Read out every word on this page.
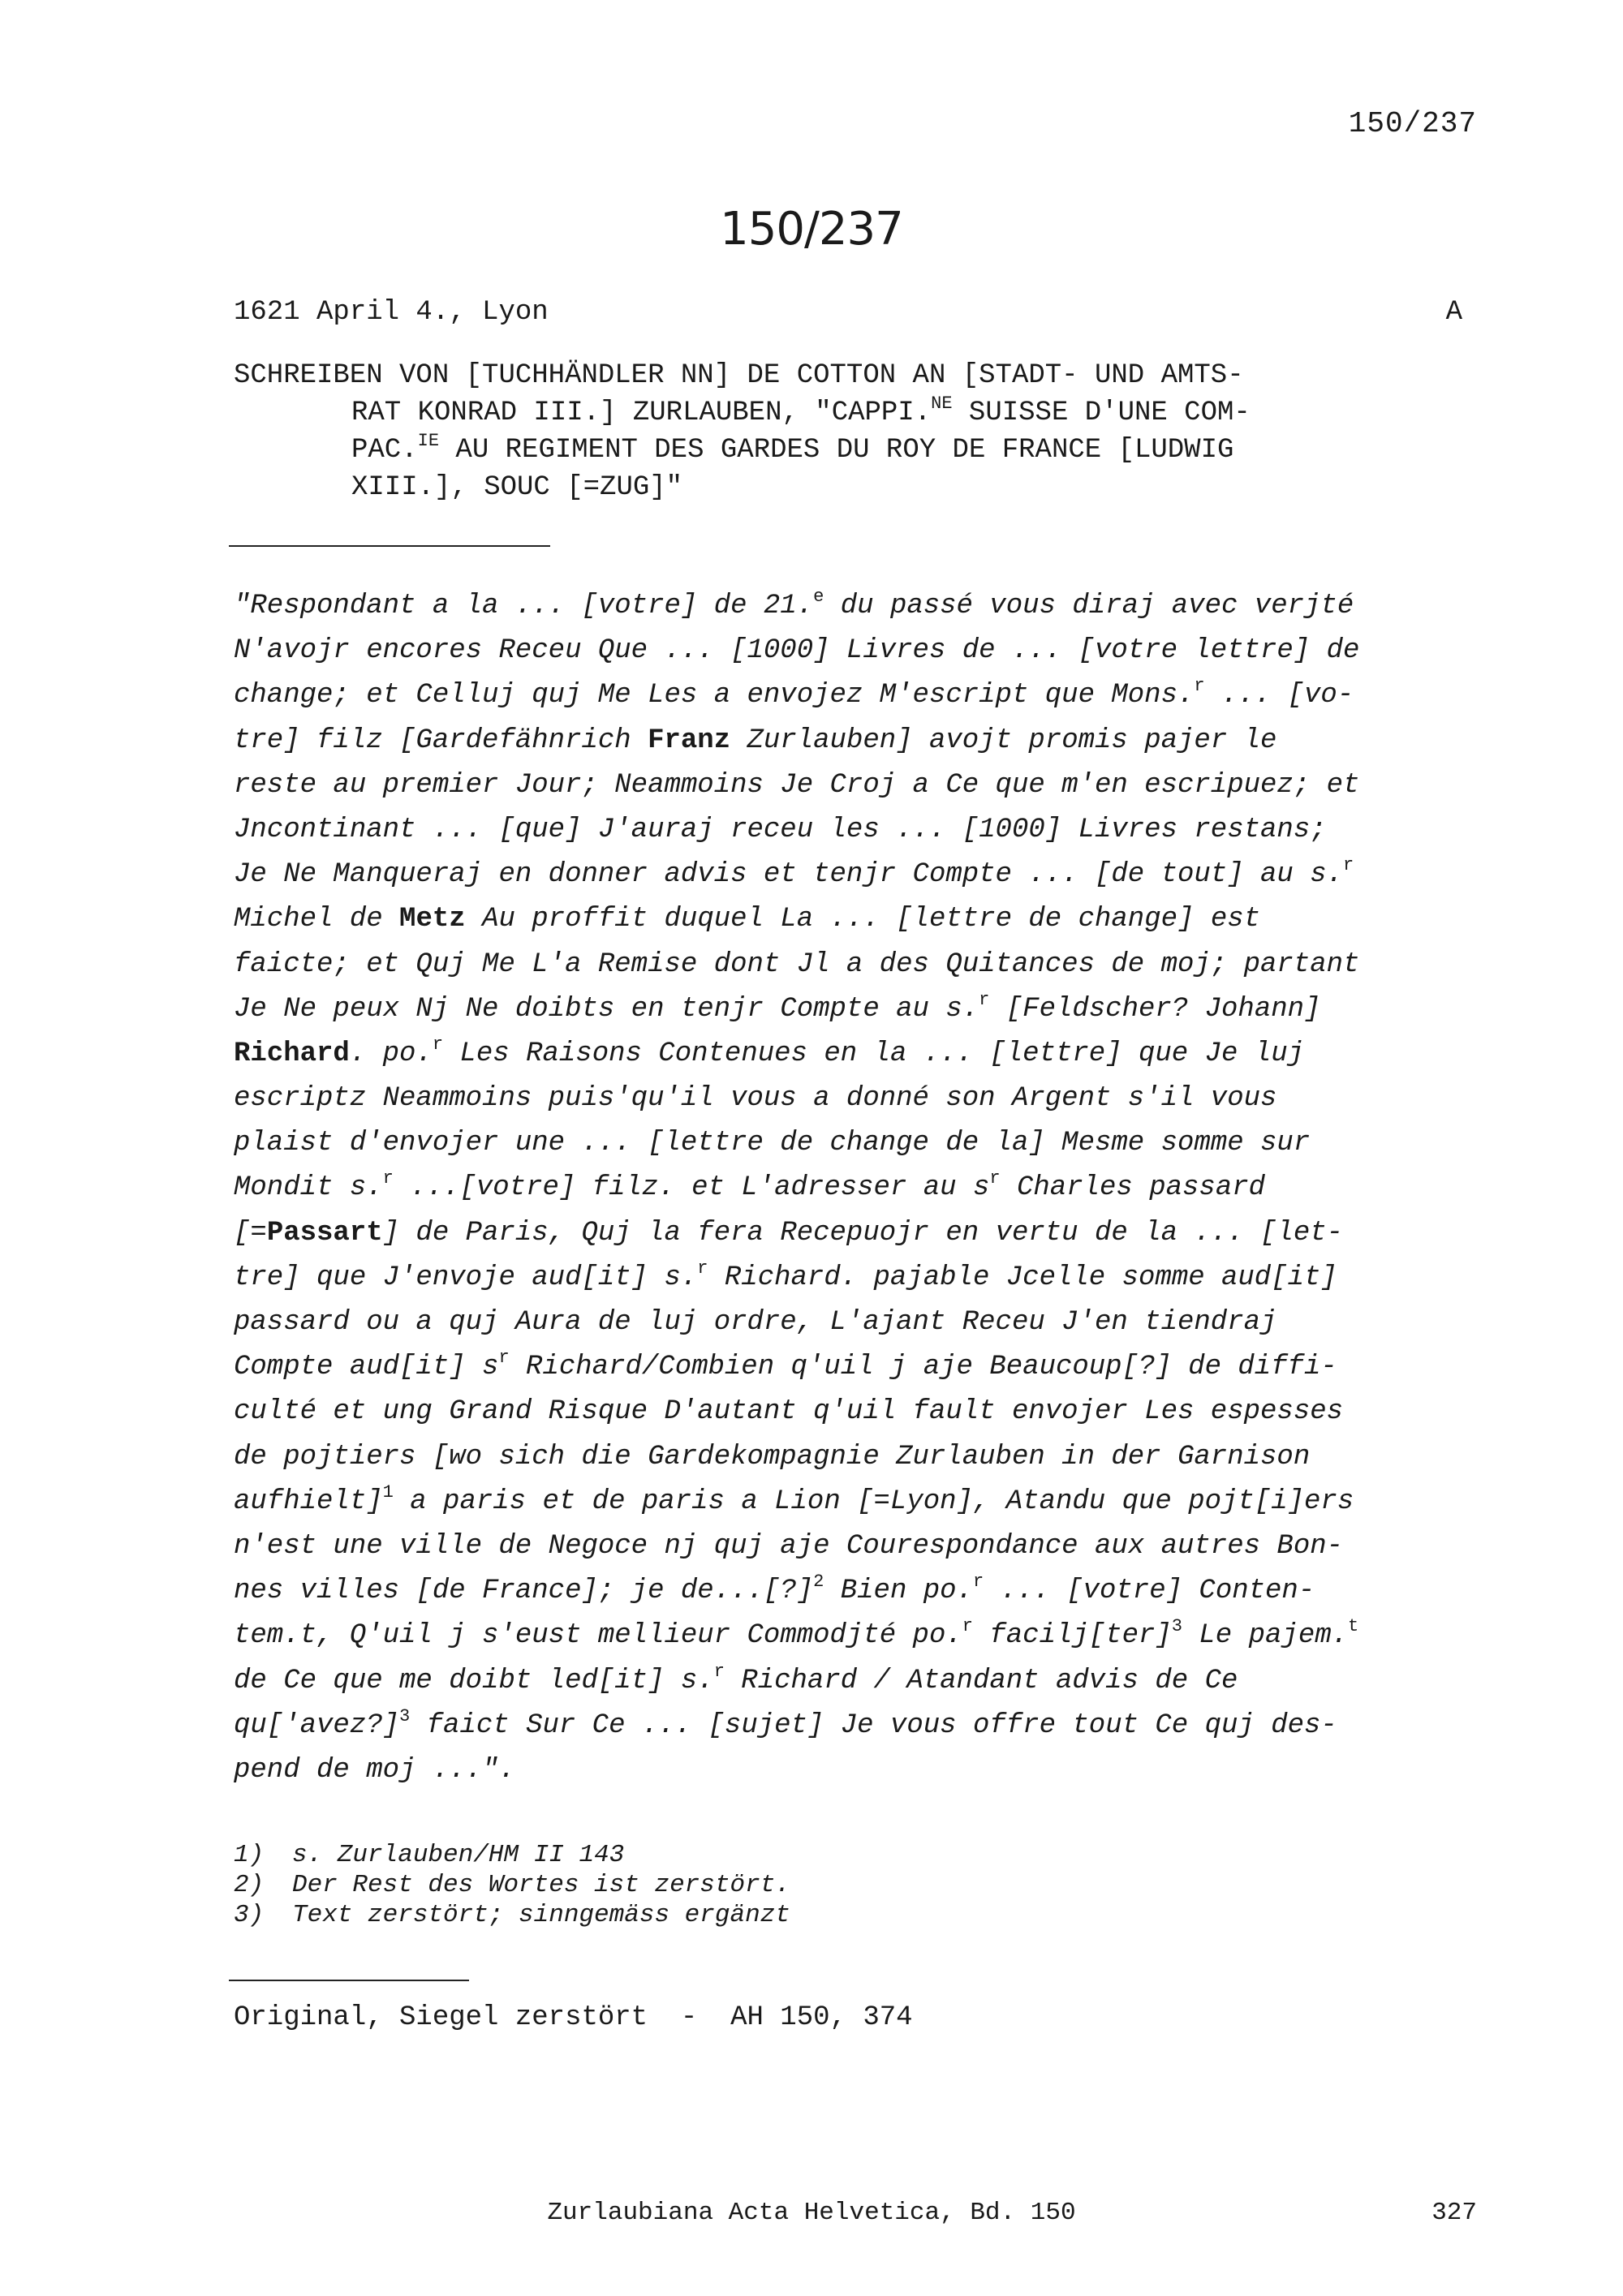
150/237
150/237
1621 April 4., Lyon	A
SCHREIBEN VON [TUCHHÄNDLER NN] DE COTTON AN [STADT- UND AMTS-
RAT KONRAD III.] ZURLAUBEN, "CAPPI.$^{NE}$ SUISSE D'UNE COM-
PAC.$^{IE}$ AU REGIMENT DES GARDES DU ROY DE FRANCE [LUDWIG
XIII.], SOUC [=ZUG]"
"Respondant a la ... [votre] de 21.$^e$ du passé vous diraj avec verjté
N'avojr encores Receu Que ... [1000] Livres de ... [votre lettre] de
change; et Celluj quj Me Les a envojez M'escript que Mons.$^r$ ... [vo-
tre] filz [Gardefähnrich Franz Zurlauben] avojt promis pajer le
reste au premier Jour; Neammoins Je Croj a Ce que m'en escripuez; et
Jncontinant ... [que] J'auraj receu les ... [1000] Livres restans;
Je Ne Manqueraj en donner advis et tenjr Compte ... [de tout] au s.$^r$
Michel de Metz Au proffit duquel La ... [lettre de change] est
faicte; et Quj Me L'a Remise dont Jl a des Quitances de moj; partant
Je Ne peux Nj Ne doibts en tenjr Compte au s.$^r$ [Feldscher? Johann]
Richard. po.$^r$ Les Raisons Contenues en la ... [lettre] que Je luj
escriptz Neammoins puis'qu'il vous a donné son Argent s'il vous
plaist d'envojer une ... [lettre de change de la] Mesme somme sur
Mondit s.$^r$ ...[votre] filz. et L'adresser au $s^r$ Charles passard
[=Passart] de Paris, Quj la fera Recepuojr en vertu de la ... [let-
tre] que J'envoje aud[it] s.$^r$ Richard. pajable Jcelle somme aud[it]
passard ou a quj Aura de luj ordre, L'ajant Receu J'en tiendraj
Compte aud[it] $s^r$ Richard/Combien q'uil j aje Beaucoup[?] de diffi-
culté et ung Grand Risque D'autant q'uil fault envojer Les espesses
de pojtiers [wo sich die Gardekompagnie Zurlauben in der Garnison
aufhielt]$^1$ a paris et de paris a Lion [=Lyon], Atandu que pojt[i]ers
n'est une ville de Negoce nj quj aje Courespondance aux autres Bon-
nes villes [de France]; je de...[?]$^2$ Bien po.$^r$ ... [votre] Conten-
tem.t, Q'uil j s'eust mellieur Commodjté po.$^r$ facilj[ter]$^3$ Le pajem.$^t$
de Ce que me doibt led[it] s.$^r$ Richard / Atandant advis de Ce
qu['avez?]$^3$ faict Sur Ce ... [sujet] Je vous offre tout Ce quj des-
pend de moj ...".
1) s. Zurlauben/HM II 143
2) Der Rest des Wortes ist zerstört.
3) Text zerstört; sinngemäss ergänzt
Original, Siegel zerstört  -  AH 150, 374
Zurlaubiana Acta Helvetica, Bd. 150	327
